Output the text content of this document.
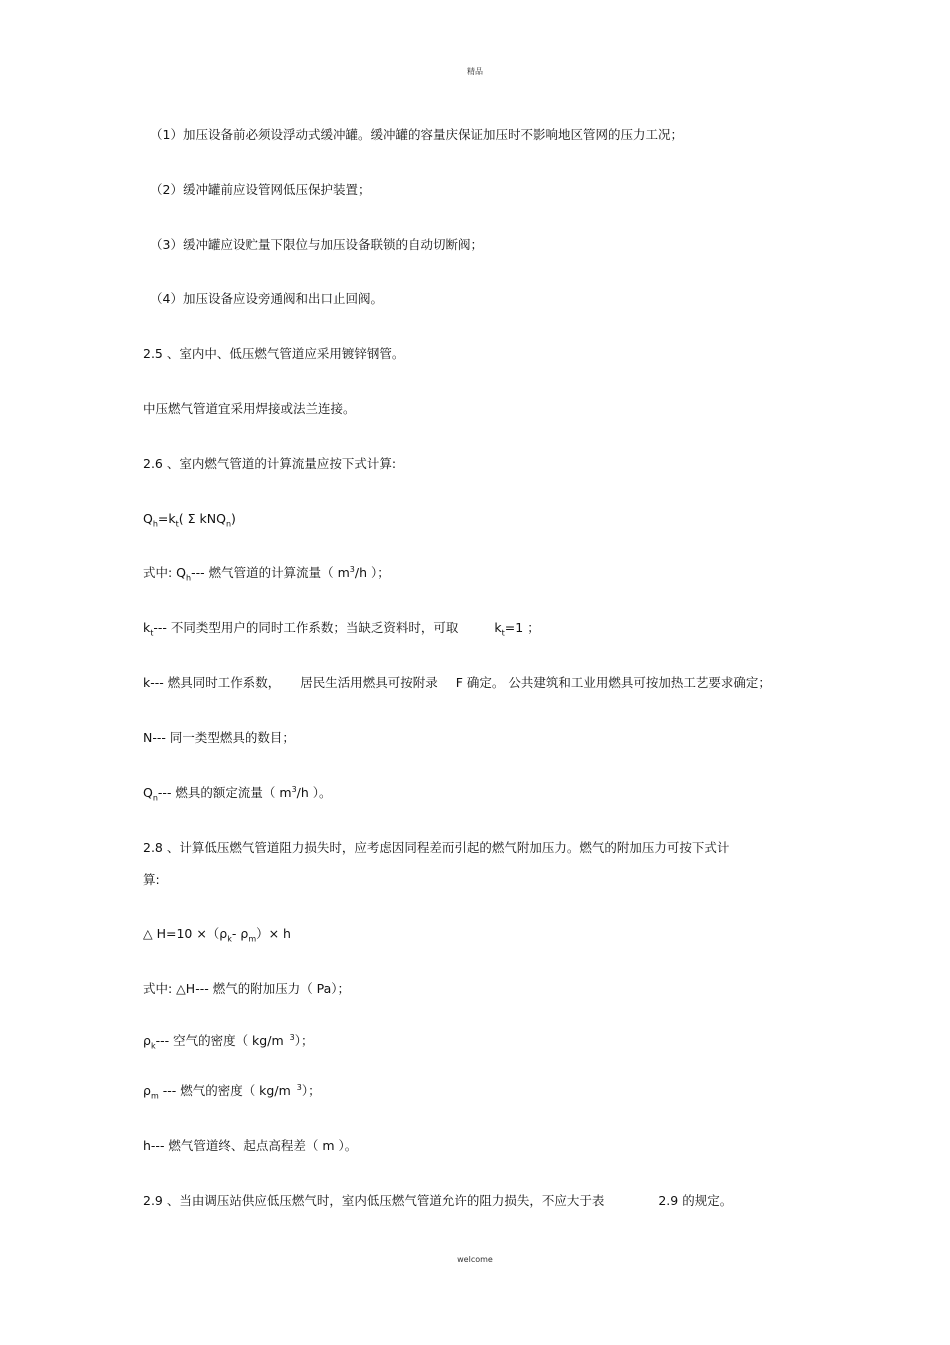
精品
（1）加压设备前必须设浮动式缓冲罐。缓冲罐的容量庆保证加压时不影响地区管网的压力工况；
（2）缓冲罐前应设管网低压保护装置；
（3）缓冲罐应设贮量下限位与加压设备联锁的自动切断阀；
（4）加压设备应设旁通阀和出口止回阀。
2.5 、室内中、低压燃气管道应采用镀锌钢管。
中压燃气管道宜采用焊接或法兰连接。
2.6 、室内燃气管道的计算流量应按下式计算:
$Q_h=k_t$( Σ kNQ$_n$)
式中: $Q_h---$ 燃气管道的计算流量（ $m^3/h$ ）；
$k_t---$ 不同类型用户的同时工作系数；当缺乏资料时，可取	$k_t=1$ ；
k--- 燃具同时工作系数， 居民生活用燃具可按附录 F 确定。 公共建筑和工业用燃具可按加热工艺要求确定；
N--- 同一类型燃具的数目；
$Q_n---$ 燃具的额定流量（ $m^3/h$ ）。
2.8 、计算低压燃气管道阻力损失时，应考虑因同程差而引起的燃气附加压力。燃气的附加压力可按下式计
算:
△ $H=10 \times(\rho_k-$ $\rho_m)\times h$
式中: △H--- 燃气的附加压力（ Pa）；
$\rho_k---$ 空气的密度（ kg/m $^3$）；
$\rho_m$ --- 燃气的密度（ kg/m $^3$）；
h--- 燃气管道终、起点高程差（ m ）。
2.9 、当由调压站供应低压燃气时，室内低压燃气管道允许的阻力损失，不应大于表	2.9 的规定。
welcome
